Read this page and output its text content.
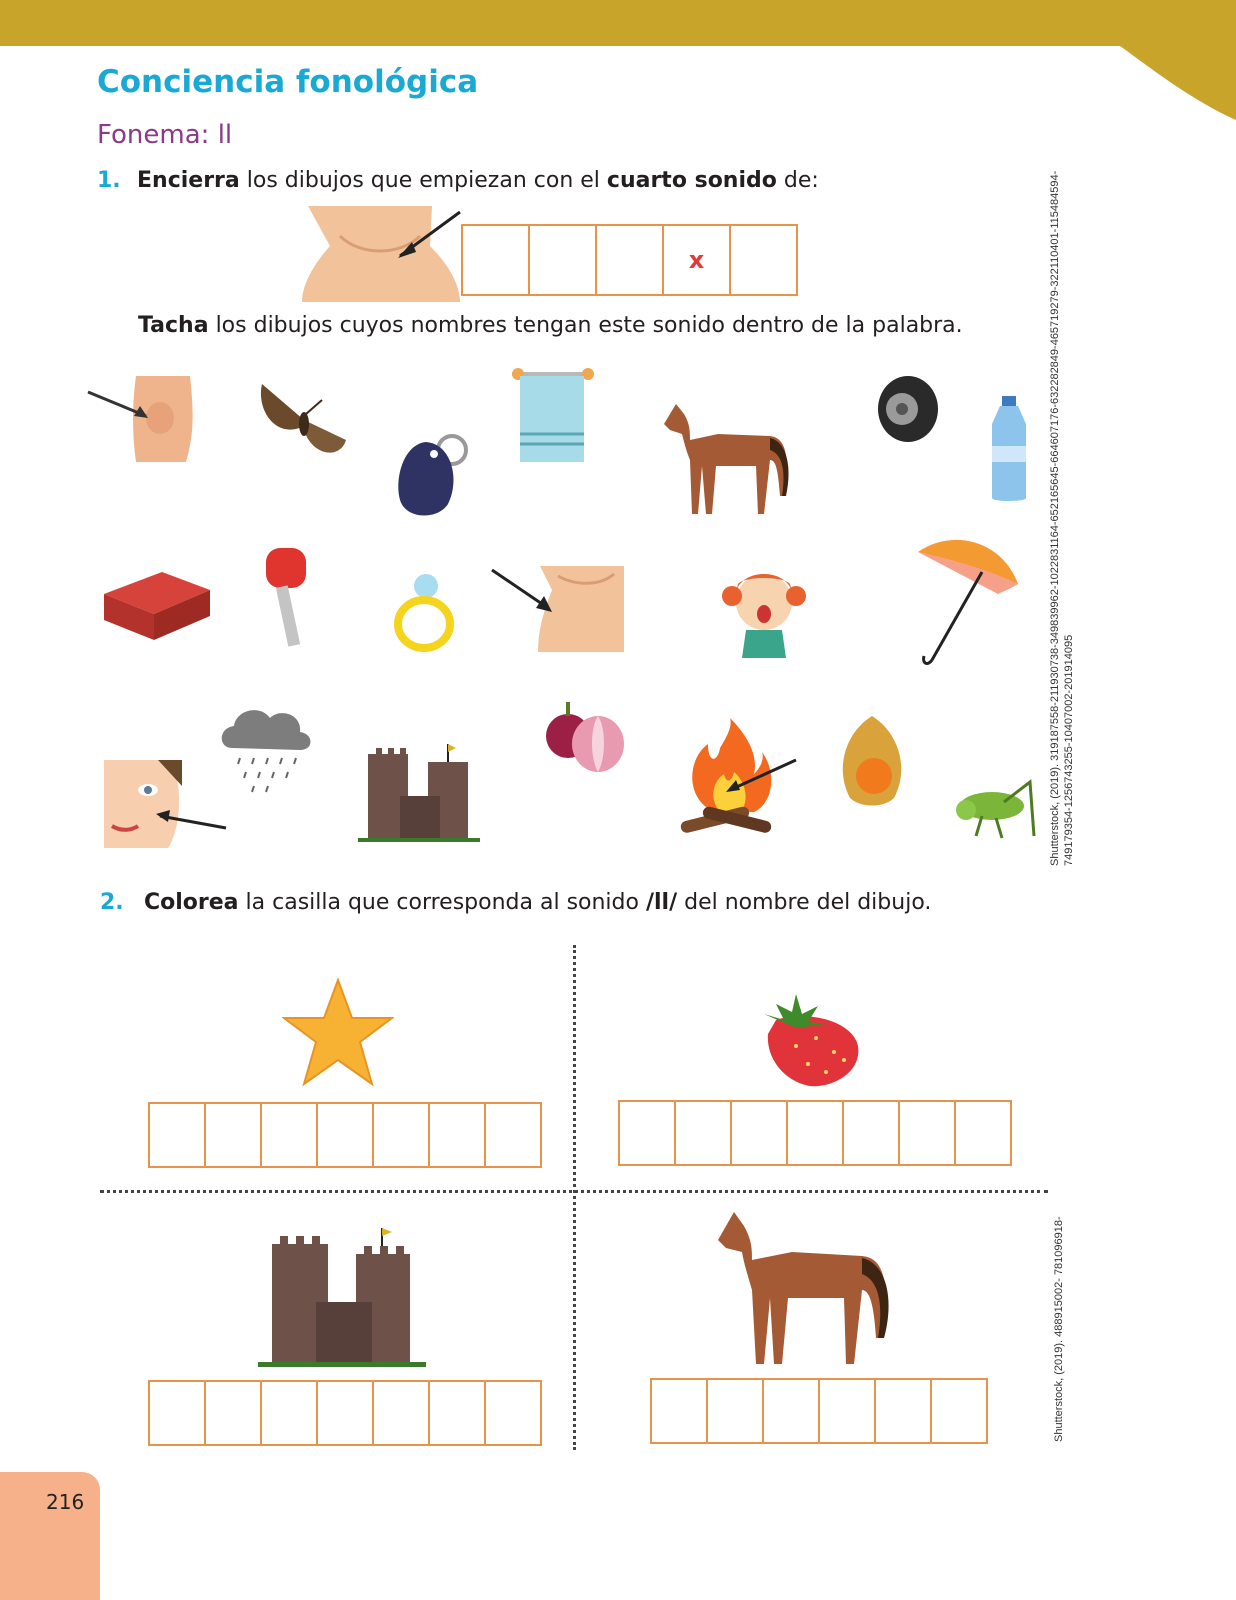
Conciencia fonológica
Fonema: ll
1. Encierra los dibujos que empiezan con el cuarto sonido de:
x
Tacha los dibujos cuyos nombres tengan este sonido dentro de la palabra.
2. Colorea la casilla que corresponda al sonido /ll/ del nombre del dibujo.
Shutterstock, (2019). 319187558-211930738-349839962-1022831164-652165645-664607176-632282849-465719279-32211040​1-115484594- 749179354-125674325​5-1040700​2-201914095
Shutterstock, (2019). 488915002- 781096918-
216
